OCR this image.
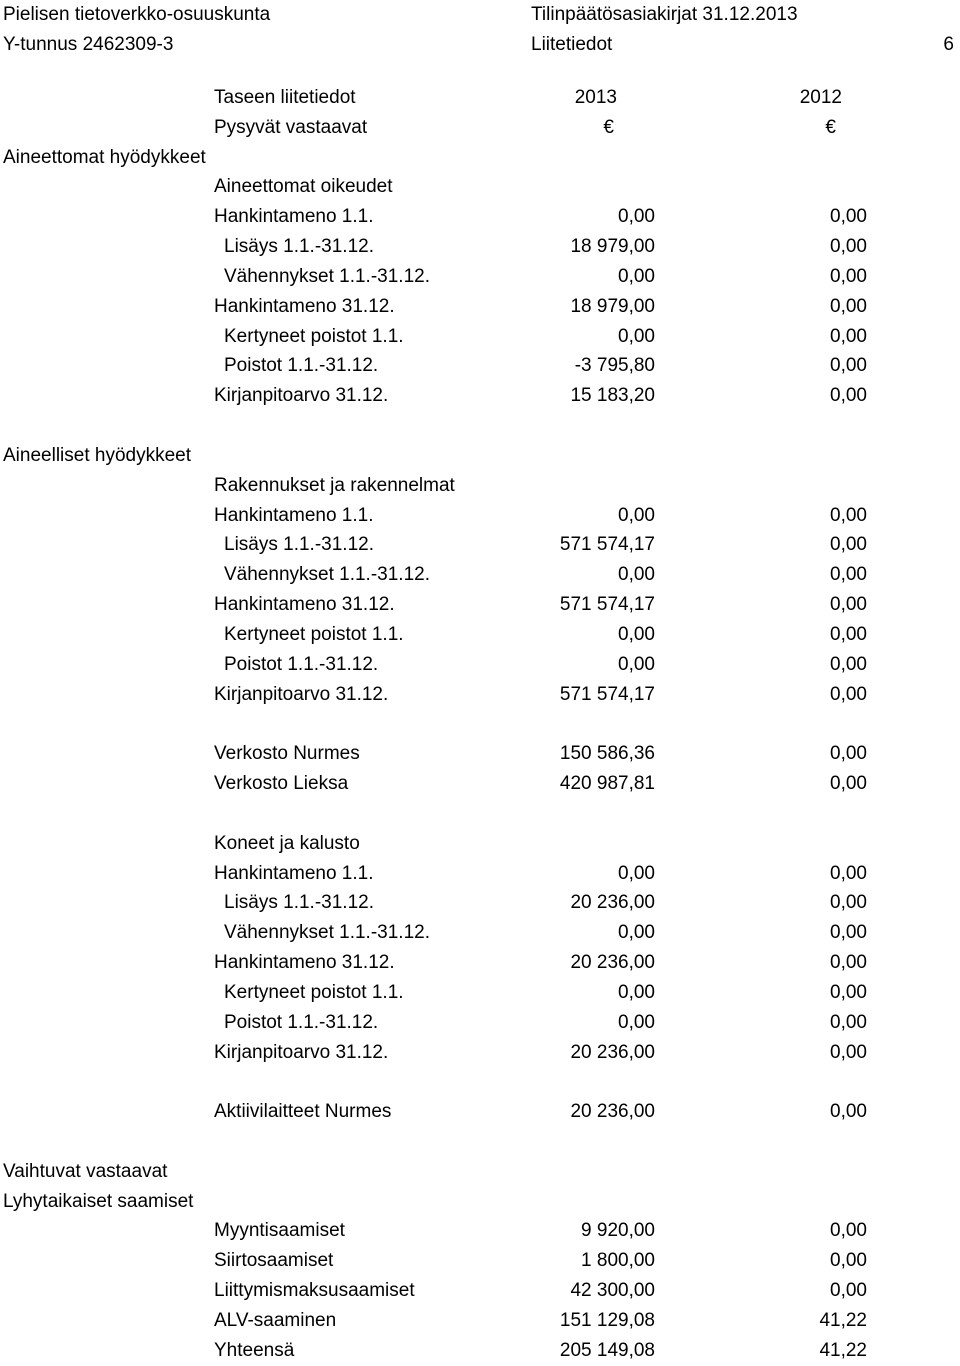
Pielisen tietoverkko-osuuskunta
Y-tunnus 2462309-3
Tilinpäätösasiakirjat 31.12.2013
Liitetiedot
	6
Taseen liitetiedot	2013	2012
Pysyvät vastaavat	€	€
Aineettomat hyödykkeet
Aineettomat oikeudet
Hankintameno 1.1.	0,00	0,00
Lisäys 1.1.-31.12.	18 979,00	0,00
Vähennykset 1.1.-31.12.	0,00	0,00
Hankintameno 31.12.	18 979,00	0,00
Kertyneet poistot 1.1.	0,00	0,00
Poistot 1.1.-31.12.	-3 795,80	0,00
Kirjanpitoarvo 31.12.	15 183,20	0,00
Aineelliset hyödykkeet
Rakennukset ja rakennelmat
Hankintameno 1.1.	0,00	0,00
Lisäys 1.1.-31.12.	571 574,17	0,00
Vähennykset 1.1.-31.12.	0,00	0,00
Hankintameno 31.12.	571 574,17	0,00
Kertyneet poistot 1.1.	0,00	0,00
Poistot 1.1.-31.12.	0,00	0,00
Kirjanpitoarvo 31.12.	571 574,17	0,00
Verkosto Nurmes	150 586,36	0,00
Verkosto Lieksa	420 987,81	0,00
Koneet ja kalusto
Hankintameno 1.1.	0,00	0,00
Lisäys 1.1.-31.12.	20 236,00	0,00
Vähennykset 1.1.-31.12.	0,00	0,00
Hankintameno 31.12.	20 236,00	0,00
Kertyneet poistot 1.1.	0,00	0,00
Poistot 1.1.-31.12.	0,00	0,00
Kirjanpitoarvo 31.12.	20 236,00	0,00
Aktiivilaitteet Nurmes	20 236,00	0,00
Vaihtuvat vastaavat
Lyhytaikaiset saamiset
Myyntisaamiset	9 920,00	0,00
Siirtosaamiset	1 800,00	0,00
Liittymismaksusaamiset	42 300,00	0,00
ALV-saaminen	151 129,08	41,22
Yhteensä	205 149,08	41,22
